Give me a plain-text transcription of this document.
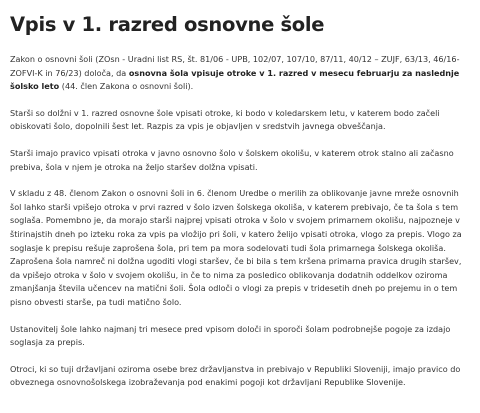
Vpis v 1. razred osnovne šole

Zakon o osnovni šoli (ZOsn - Uradni list RS, št. 81/06 - UPB, 102/07, 107/10, 87/11, 40/12 – ZUJF, 63/13, 46/16-ZOFVI-K in 76/23) določa, da osnovna šola vpisuje otroke v 1. razred v mesecu februarju za naslednje šolsko leto (44. člen Zakona o osnovni šoli).

Starši so dolžni v 1. razred osnovne šole vpisati otroke, ki bodo v koledarskem letu, v katerem bodo začeli obiskovati šolo, dopolnili šest let. Razpis za vpis je objavljen v sredstvih javnega obveščanja.

Starši imajo pravico vpisati otroka v javno osnovno šolo v šolskem okolišu, v katerem otrok stalno ali začasno prebiva, šola v njem je otroka na željo staršev dolžna vpisati.

V skladu z 48. členom Zakon o osnovni šoli in 6. členom Uredbe o merilih za oblikovanje javne mreže osnovnih šol lahko starši vpišejo otroka v prvi razred v šolo izven šolskega okoliša, v katerem prebivajo, če ta šola s tem soglaša. Pomembno je, da morajo starši najprej vpisati otroka v šolo v svojem primarnem okolišu, najpozneje v štirinajstih dneh po izteku roka za vpis pa vložijo pri šoli, v katero želijo vpisati otroka, vlogo za prepis. Vlogo za soglasje k prepisu rešuje zaprošena šola, pri tem pa mora sodelovati tudi šola primarnega šolskega okoliša. Zaprošena šola namreč ni dolžna ugoditi vlogi staršev, če bi bila s tem kršena primarna pravica drugih staršev, da vpišejo otroka v šolo v svojem okolišu, in če to nima za posledico oblikovanja dodatnih oddelkov oziroma zmanjšanja števila učencev na matični šoli. Šola odloči o vlogi za prepis v tridesetih dneh po prejemu in o tem pisno obvesti starše, pa tudi matično šolo.

Ustanovitelj šole lahko najmanj tri mesece pred vpisom določi in sporoči šolam podrobnejše pogoje za izdajo soglasja za prepis.

Otroci, ki so tuji državljani oziroma osebe brez državljanstva in prebivajo v Republiki Sloveniji, imajo pravico do obveznega osnovnošolskega izobraževanja pod enakimi pogoji kot državljani Republike Slovenije.
